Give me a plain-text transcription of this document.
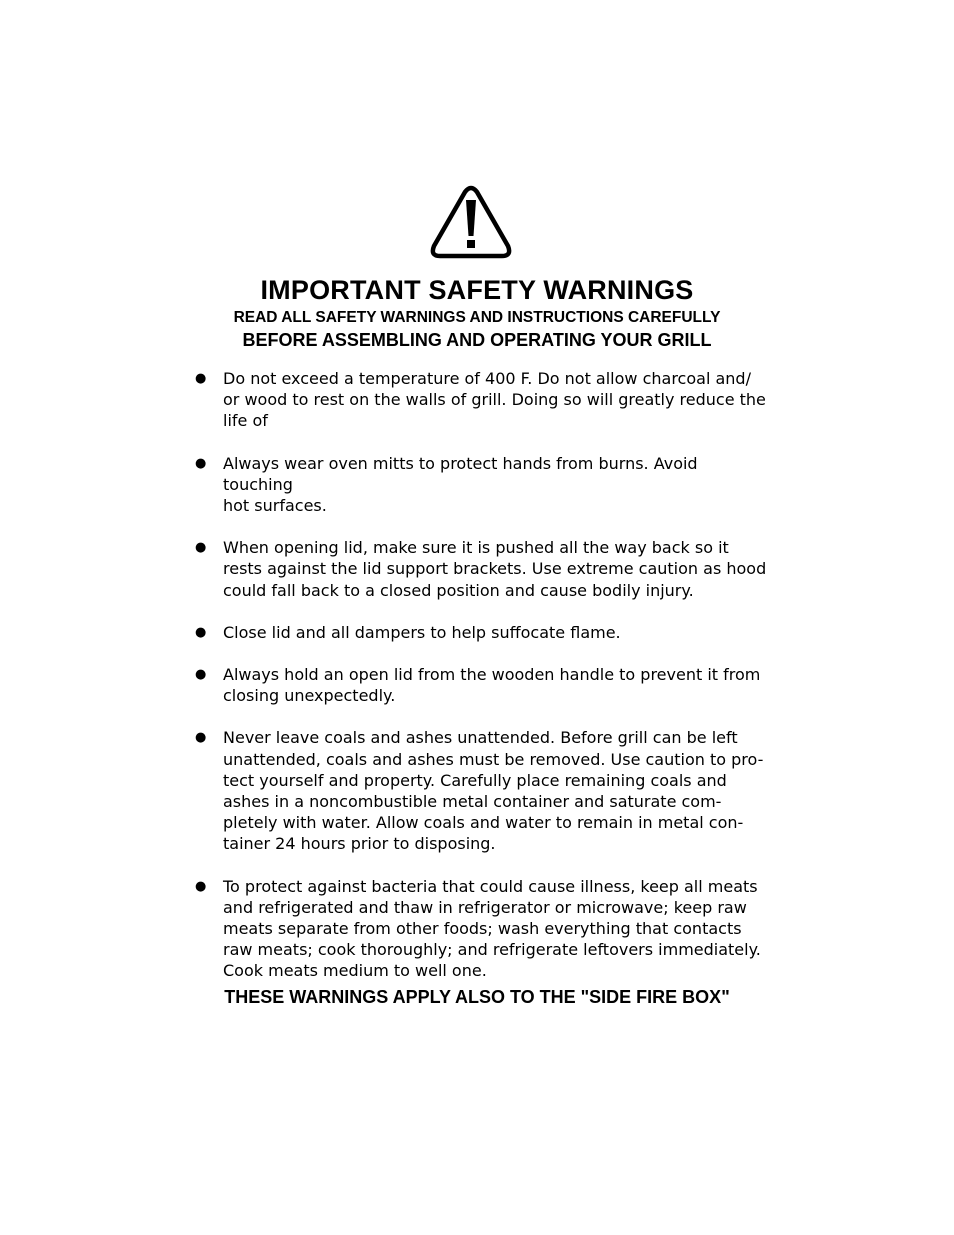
IMPORTANT SAFETY WARNINGS
READ ALL SAFETY WARNINGS AND INSTRUCTIONS CAREFULLY
BEFORE ASSEMBLING AND OPERATING YOUR GRILL
● Do not exceed a temperature of 400 F. Do not allow charcoal and/
or wood to rest on the walls of grill. Doing so will greatly reduce the
life of
● Always wear oven mitts to protect hands from burns. Avoid touching
hot surfaces.
● When opening lid, make sure it is pushed all the way back so it
rests against the lid support brackets. Use extreme caution as hood
could fall back to a closed position and cause bodily injury.
● Close lid and all dampers to help suffocate flame.
● Always hold an open lid from the wooden handle to prevent it from
closing unexpectedly.
● Never leave coals and ashes unattended. Before grill can be left
unattended, coals and ashes must be removed. Use caution to pro-
tect yourself and property. Carefully place remaining coals and
ashes in a noncombustible metal container and saturate com-
pletely with water. Allow coals and water to remain in metal con-
tainer 24 hours prior to disposing.
● To protect against bacteria that could cause illness, keep all meats
and refrigerated and thaw in refrigerator or microwave; keep raw
meats separate from other foods; wash everything that contacts
raw meats; cook thoroughly; and refrigerate leftovers immediately.
Cook meats medium to well one.
THESE WARNINGS APPLY ALSO TO THE "SIDE FIRE BOX"
